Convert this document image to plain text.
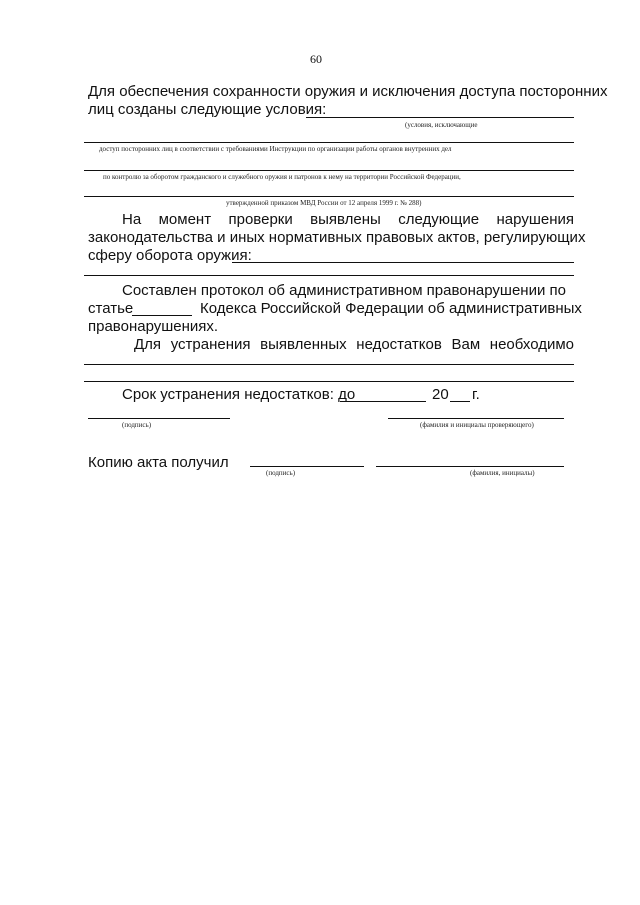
60
Для обеспечения сохранности оружия и исключения доступа посторонних
лиц созданы следующие условия:
(условия, исключающие
доступ посторонних лиц в соответствии с требованиями Инструкции по организации работы органов внутренних дел
по контролю за оборотом гражданского и служебного оружия и патронов к нему на территории Российской Федерации,
утвержденной приказом МВД России от 12 апреля 1999 г. № 288)
На момент проверки выявлены следующие нарушения
законодательства и иных нормативных правовых актов, регулирующих
сферу оборота оружия:
Составлен протокол об административном правонарушении по
статье	Кодекса Российской Федерации об административных
правонарушениях.
Для устранения выявленных недостатков Вам необходимо
Срок устранения недостатков: до	20 г.
(подпись)	(фамилия и инициалы проверяющего)
Копию акта получил
(подпись)	(фамилия, инициалы)
